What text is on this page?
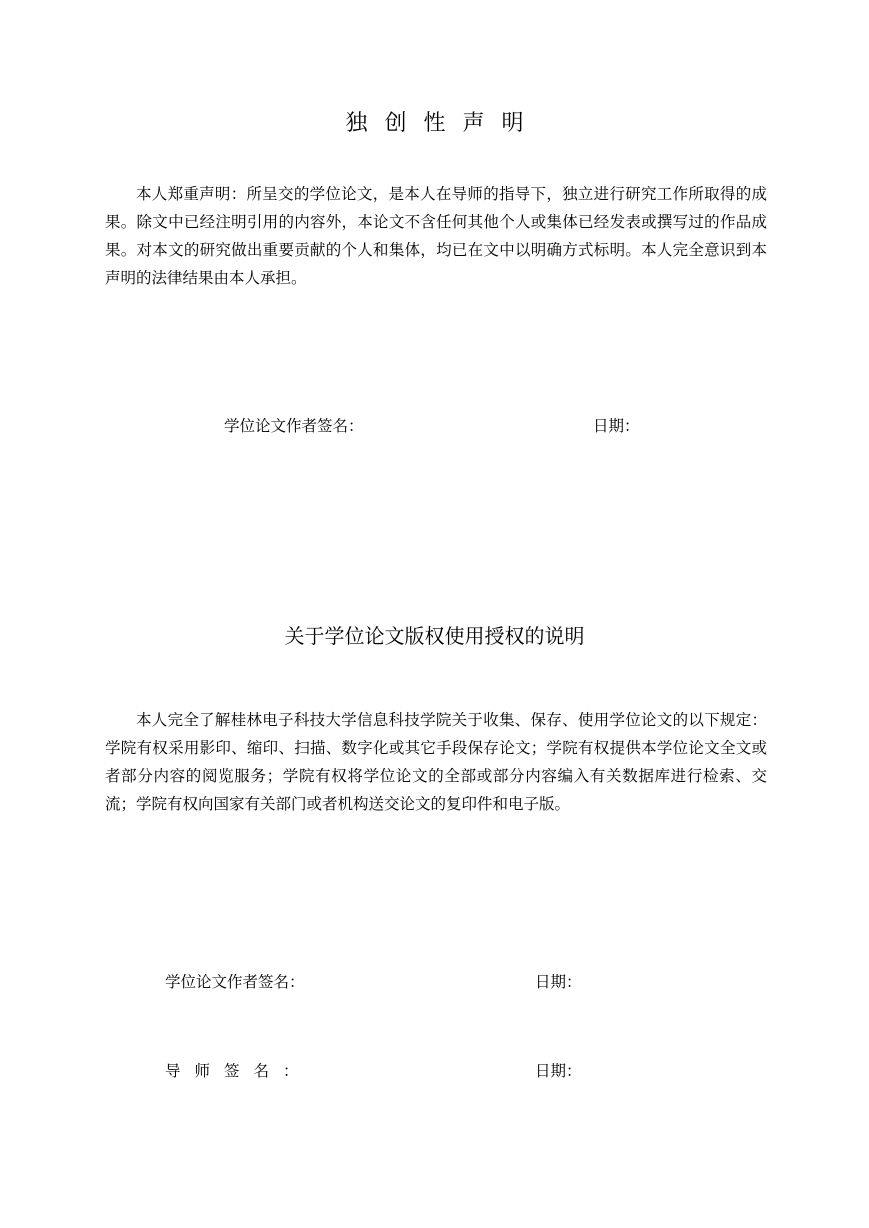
独创性声明

本人郑重声明：所呈交的学位论文，是本人在导师的指导下，独立进行研究工作所取得的成果。除文中已经注明引用的内容外，本论文不含任何其他个人或集体已经发表或撰写过的作品成果。对本文的研究做出重要贡献的个人和集体，均已在文中以明确方式标明。本人完全意识到本声明的法律结果由本人承担。

学位论文作者签名：	日期：
关于学位论文版权使用授权的说明

本人完全了解桂林电子科技大学信息科技学院关于收集、保存、使用学位论文的以下规定：学院有权采用影印、缩印、扫描、数字化或其它手段保存论文；学院有权提供本学位论文全文或者部分内容的阅览服务；学院有权将学位论文的全部或部分内容编入有关数据库进行检索、交流；学院有权向国家有关部门或者机构送交论文的复印件和电子版。

学位论文作者签名：	日期：
导师签名：	日期：
